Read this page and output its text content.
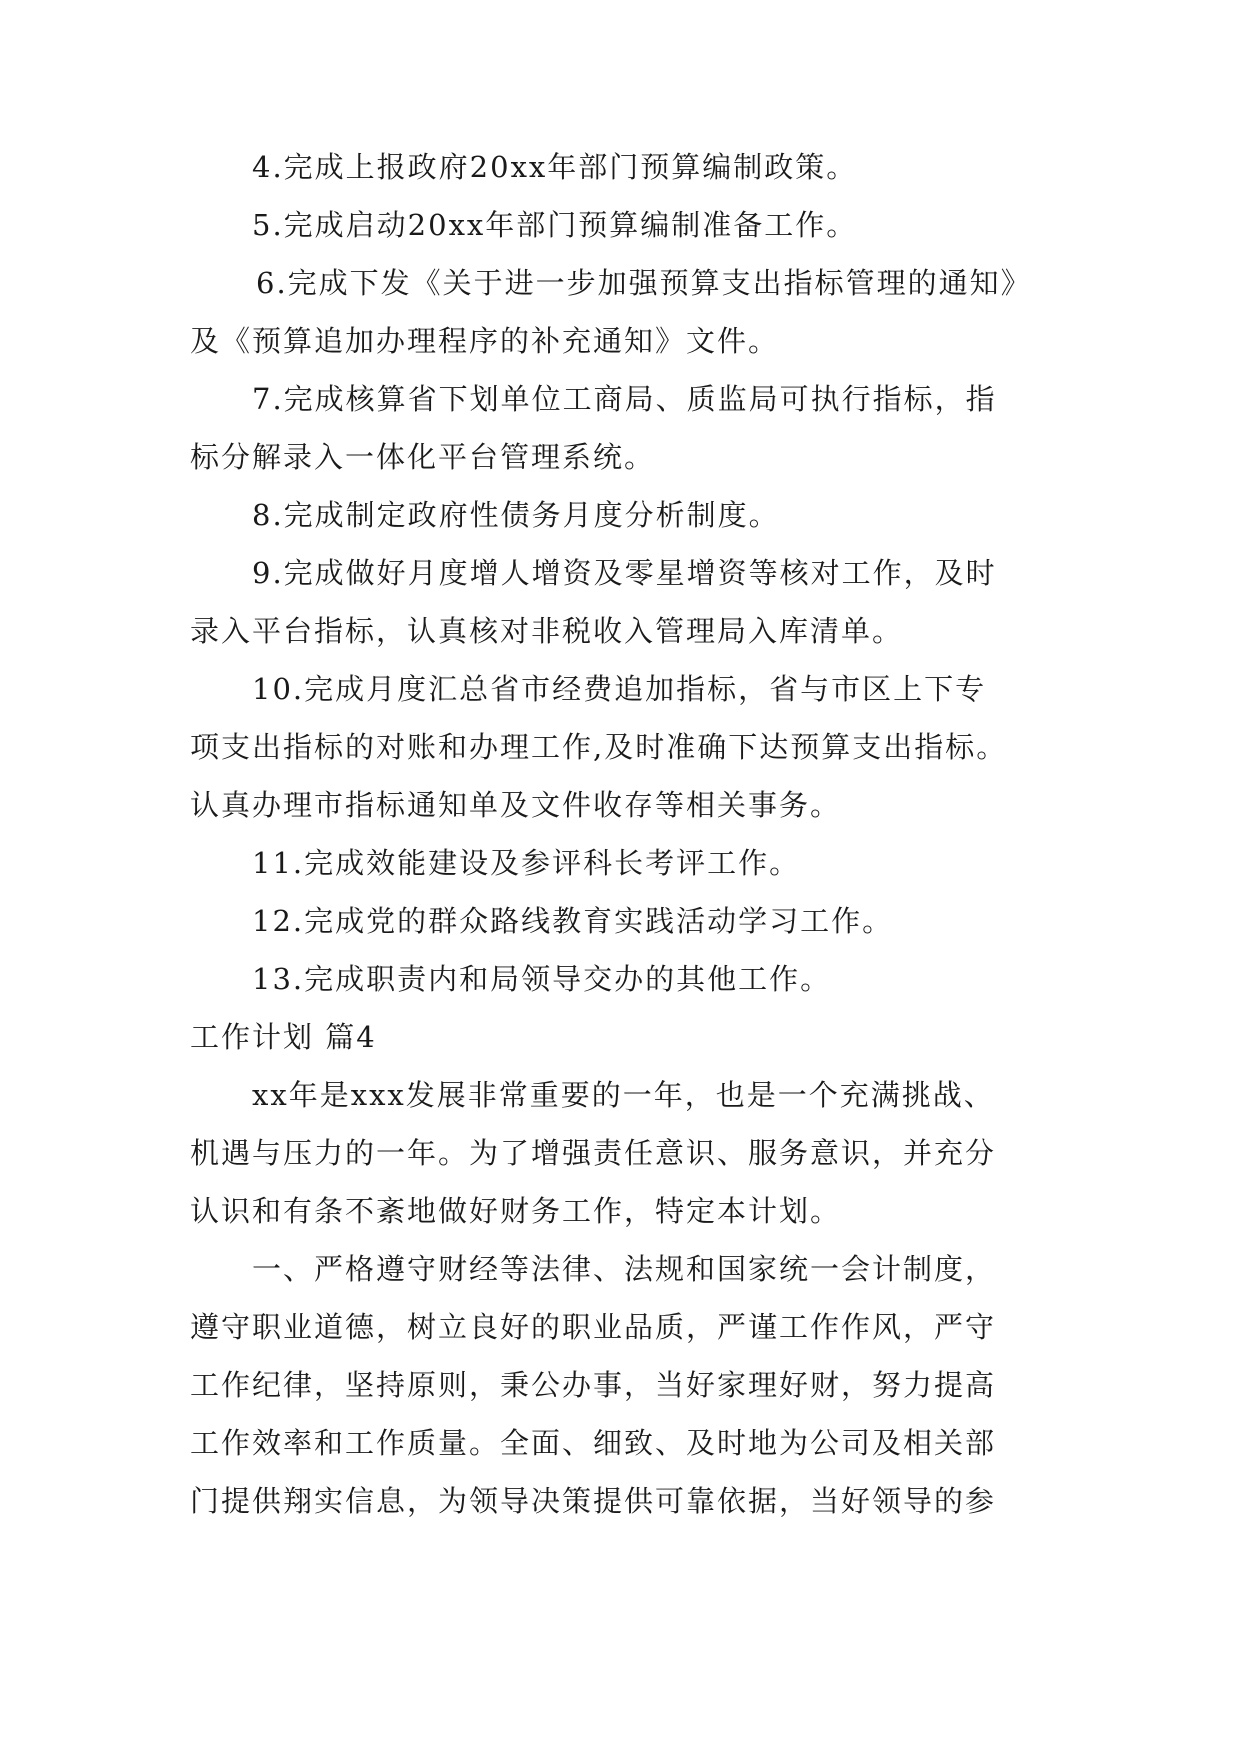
4.完成上报政府20xx年部门预算编制政策。
5.完成启动20xx年部门预算编制准备工作。
6.完成下发《关于进一步加强预算支出指标管理的通知》
及《预算追加办理程序的补充通知》文件。
7.完成核算省下划单位工商局、质监局可执行指标，指
标分解录入一体化平台管理系统。
8.完成制定政府性债务月度分析制度。
9.完成做好月度增人增资及零星增资等核对工作，及时
录入平台指标，认真核对非税收入管理局入库清单。
10.完成月度汇总省市经费追加指标，省与市区上下专
项支出指标的对账和办理工作,及时准确下达预算支出指标。
认真办理市指标通知单及文件收存等相关事务。
11.完成效能建设及参评科长考评工作。
12.完成党的群众路线教育实践活动学习工作。
13.完成职责内和局领导交办的其他工作。
工作计划 篇4
xx年是xxx发展非常重要的一年，也是一个充满挑战、
机遇与压力的一年。为了增强责任意识、服务意识，并充分
认识和有条不紊地做好财务工作，特定本计划。
一、严格遵守财经等法律、法规和国家统一会计制度，
遵守职业道德，树立良好的职业品质，严谨工作作风，严守
工作纪律，坚持原则，秉公办事，当好家理好财，努力提高
工作效率和工作质量。全面、细致、及时地为公司及相关部
门提供翔实信息，为领导决策提供可靠依据，当好领导的参
